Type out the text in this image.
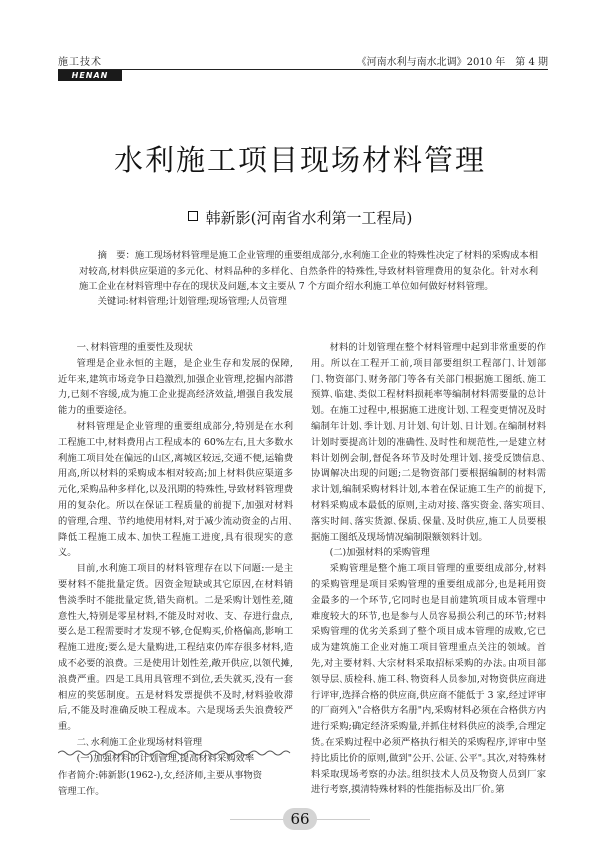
施工技术	《河南水利与南水北调》2010 年　第 4 期
HENAN
水利施工项目现场材料管理
韩新影(河南省水利第一工程局)
摘　要：施工现场材料管理是施工企业管理的重要组成部分,水利施工企业的特殊性决定了材料的采购成本相对较高,材料供应渠道的多元化、材料品种的多样化、自然条件的特殊性,导致材料管理费用的复杂化。针对水利施工企业在材料管理中存在的现状及问题,本文主要从 7 个方面介绍水利施工单位如何做好材料管理。
关键词:材料管理;计划管理;现场管理;人员管理

一､材料管理的重要性及现状

管理是企业永恒的主题，是企业生存和发展的保障,近年来,建筑市场竞争日趋激烈,加强企业管理,挖掘内部潜力,已刻不容缓,成为施工企业提高经济效益,增强自我发展能力的重要途径。

材料管理是企业管理的重要组成部分,特别是在水利工程施工中,材料费用占工程成本的 60%左右,且大多数水利施工项目处在偏远的山区,离城区较远,交通不便,运输费用高,所以材料的采购成本相对较高;加上材料供应渠道多元化,采购品种多样化,以及汛期的特殊性,导致材料管理费用的复杂化。所以在保证工程质量的前提下,加强对材料的管理,合理、节约地使用材料,对于减少流动资金的占用､降低工程施工成本､加快工程施工进度,具有很现实的意义。

目前,水利施工项目的材料管理存在以下问题:一是主要材料不能批量定货。因资金短缺或其它原因,在材料销售淡季时不能批量定货,错失商机。二是采购计划性差,随意性大,特别是零星材料,不能及时对收、支、存进行盘点,要么是工程需要时才发现不够,仓促购买,价格偏高,影响工程施工进度;要么是大量购进,工程结束仍库存很多材料,造成不必要的浪费。三是使用计划性差,敞开供应,以领代摊,浪费严重。四是工具用具管理不到位,丢失就买,没有一套相应的奖惩制度。五是材料发票提供不及时,材料验收滞后,不能及时准确反映工程成本。六是现场丢失浪费较严重。

二､水利施工企业现场材料管理

(一)加强材料的计划管理,提高材料采购效率

作者简介:韩新影(1962-),女,经济师,主要从事物资管理工作。

材料的计划管理在整个材料管理中起到非常重要的作用。所以在工程开工前,项目部要组织工程部门､计划部门､物资部门､财务部门等各有关部门根据施工图纸､施工预算､临建､类似工程材料损耗率等编制材料需要量的总计划。在施工过程中,根据施工进度计划､工程变更情况及时编制年计划､季计划､月计划､旬计划､日计划｡在编制材料计划时要提高计划的准确性､及时性和规范性,一是建立材料计划例会制,督促各环节及时处理计划､接受反馈信息､协调解决出现的问题;二是物资部门要根据编制的材料需求计划,编制采购材料计划,本着在保证施工生产的前提下,材料采购成本最低的原则,主动对接､落实资金､落实项目､落实时间､落实货源､保质､保量､及时供应,施工人员要根据施工图纸及现场情况编制限额领料计划。

(二)加强材料的采购管理

采购管理是整个施工项目管理的重要组成部分,材料的采购管理是项目采购管理的重要组成部分,也是耗用资金最多的一个环节,它同时也是目前建筑项目成本管理中难度较大的环节,也是参与人员容易损公利己的环节;材料采购管理的优劣关系到了整个项目成本管理的成败,它已成为建筑施工企业对施工项目管理重点关注的领域。首先,对主要材料､大宗材料采取招标采购的办法｡由项目部领导层､质检科､施工科､物资科人员参加,对物资供应商进行评审,选择合格的供应商,供应商不能低于 3 家,经过评审的厂商列入"合格供方名册"内,采购材料必须在合格供方内进行采购;确定经济采购量,并抓住材料供应的淡季,合理定货｡在采购过程中必须严格执行相关的采购程序,评审中坚持比质比价的原则,做到"公开､公证､公平"｡其次,对特殊材料采取现场考察的办法｡组织技术人员及物资人员到厂家进行考察,摸清特殊材料的性能指标及出厂价｡第

66
